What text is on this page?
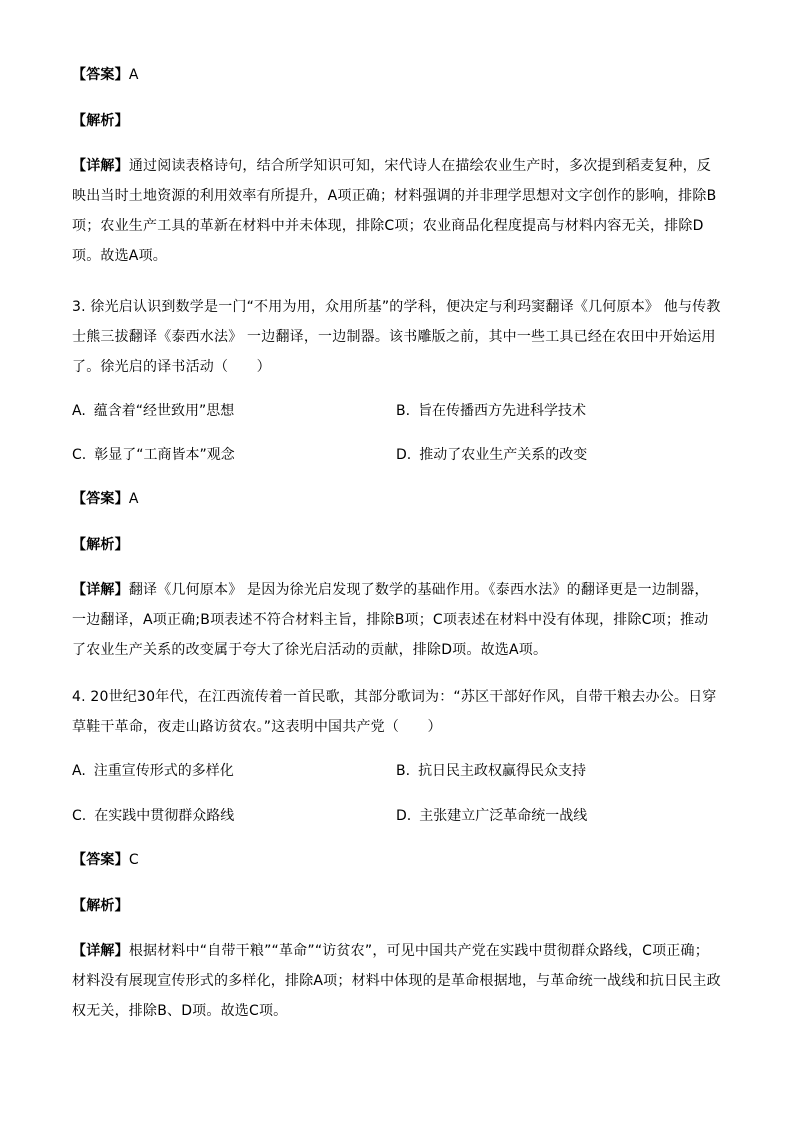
【答案】A
【解析】
【详解】通过阅读表格诗句，结合所学知识可知，宋代诗人在描绘农业生产时，多次提到稻麦复种，反映出当时土地资源的利用效率有所提升，A项正确；材料强调的并非理学思想对文字创作的影响，排除B项；农业生产工具的革新在材料中并未体现，排除C项；农业商品化程度提高与材料内容无关，排除D项。故选A项。
3. 徐光启认识到数学是一门“不用为用，众用所基”的学科，便决定与利玛窦翻译《几何原本》 他与传教士熊三拔翻译《泰西水法》 一边翻译，一边制器。该书雕版之前，其中一些工具已经在农田中开始运用了。徐光启的译书活动（　　）
A. 蕴含着“经世致用”思想	B. 旨在传播西方先进科学技术
C. 彰显了“工商皆本”观念	D. 推动了农业生产关系的改变
【答案】A
【解析】
【详解】翻译《几何原本》 是因为徐光启发现了数学的基础作用。《泰西水法》的翻译更是一边制器，一边翻译，A项正确;B项表述不符合材料主旨，排除B项；C项表述在材料中没有体现，排除C项；推动了农业生产关系的改变属于夸大了徐光启活动的贡献，排除D项。故选A项。
4. 20世纪30年代，在江西流传着一首民歌，其部分歌词为：“苏区干部好作风，自带干粮去办公。日穿草鞋干革命，夜走山路访贫农。”这表明中国共产党（　　）
A. 注重宣传形式的多样化	B. 抗日民主政权赢得民众支持
C. 在实践中贯彻群众路线	D. 主张建立广泛革命统一战线
【答案】C
【解析】
【详解】根据材料中“自带干粮”“革命”“访贫农”，可见中国共产党在实践中贯彻群众路线，C项正确；材料没有展现宣传形式的多样化，排除A项；材料中体现的是革命根据地，与革命统一战线和抗日民主政权无关，排除B、D项。故选C项。
